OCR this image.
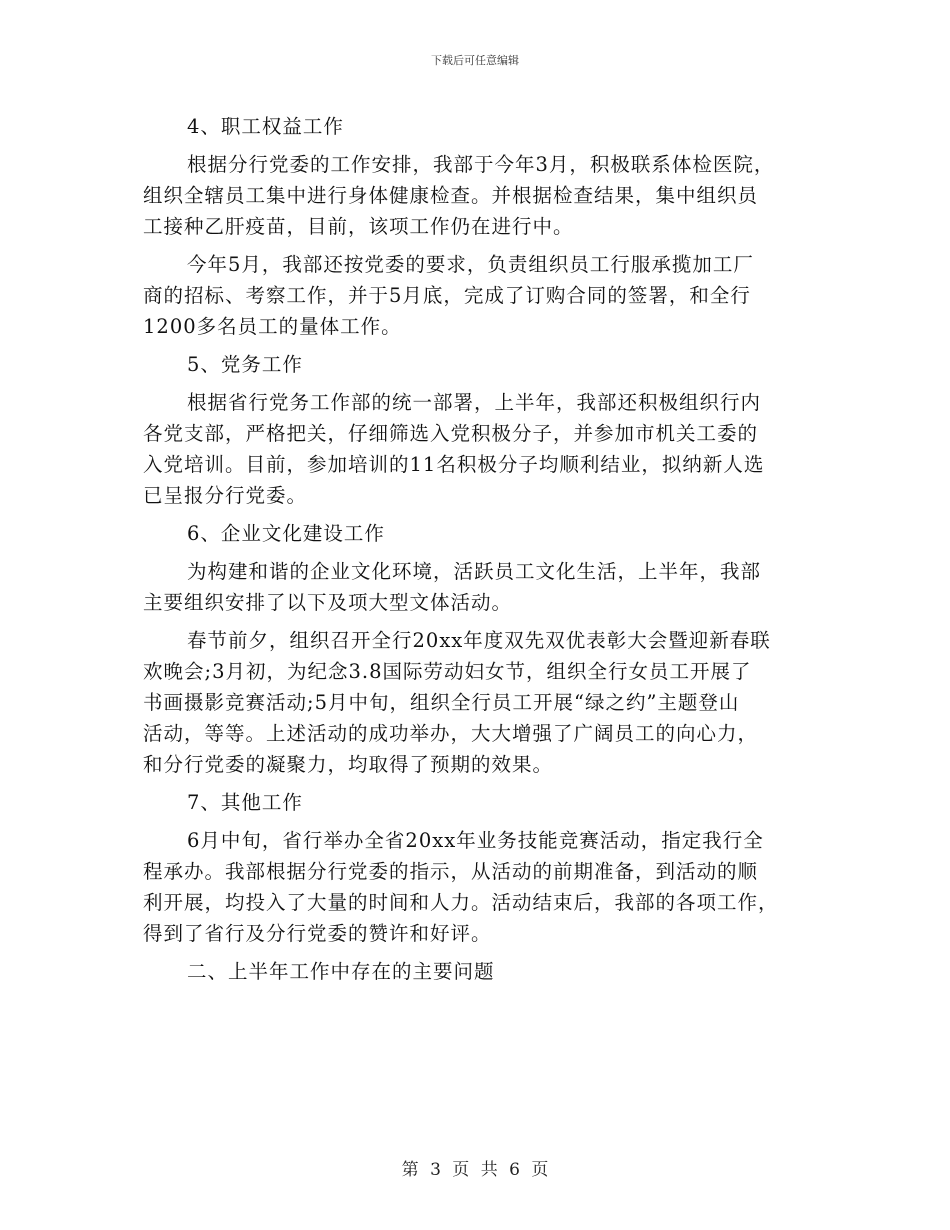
下载后可任意编辑
4、职工权益工作
根据分行党委的工作安排，我部于今年3月，积极联系体检医院，
组织全辖员工集中进行身体健康检查。并根据检查结果，集中组织员
工接种乙肝疫苗，目前，该项工作仍在进行中。
今年5月，我部还按党委的要求，负责组织员工行服承揽加工厂
商的招标、考察工作，并于5月底，完成了订购合同的签署，和全行
1200多名员工的量体工作。
5、党务工作
根据省行党务工作部的统一部署，上半年，我部还积极组织行内
各党支部，严格把关，仔细筛选入党积极分子，并参加市机关工委的
入党培训。目前，参加培训的11名积极分子均顺利结业，拟纳新人选
已呈报分行党委。
6、企业文化建设工作
为构建和谐的企业文化环境，活跃员工文化生活，上半年，我部
主要组织安排了以下及项大型文体活动。
春节前夕，组织召开全行20xx年度双先双优表彰大会暨迎新春联
欢晚会;3月初，为纪念3.8国际劳动妇女节，组织全行女员工开展了
书画摄影竞赛活动;5月中旬，组织全行员工开展“绿之约”主题登山
活动，等等。上述活动的成功举办，大大增强了广阔员工的向心力，
和分行党委的凝聚力，均取得了预期的效果。
7、其他工作
6月中旬，省行举办全省20xx年业务技能竞赛活动，指定我行全
程承办。我部根据分行党委的指示，从活动的前期准备，到活动的顺
利开展，均投入了大量的时间和人力。活动结束后，我部的各项工作，
得到了省行及分行党委的赞许和好评。
二、上半年工作中存在的主要问题
第 3 页 共 6 页
